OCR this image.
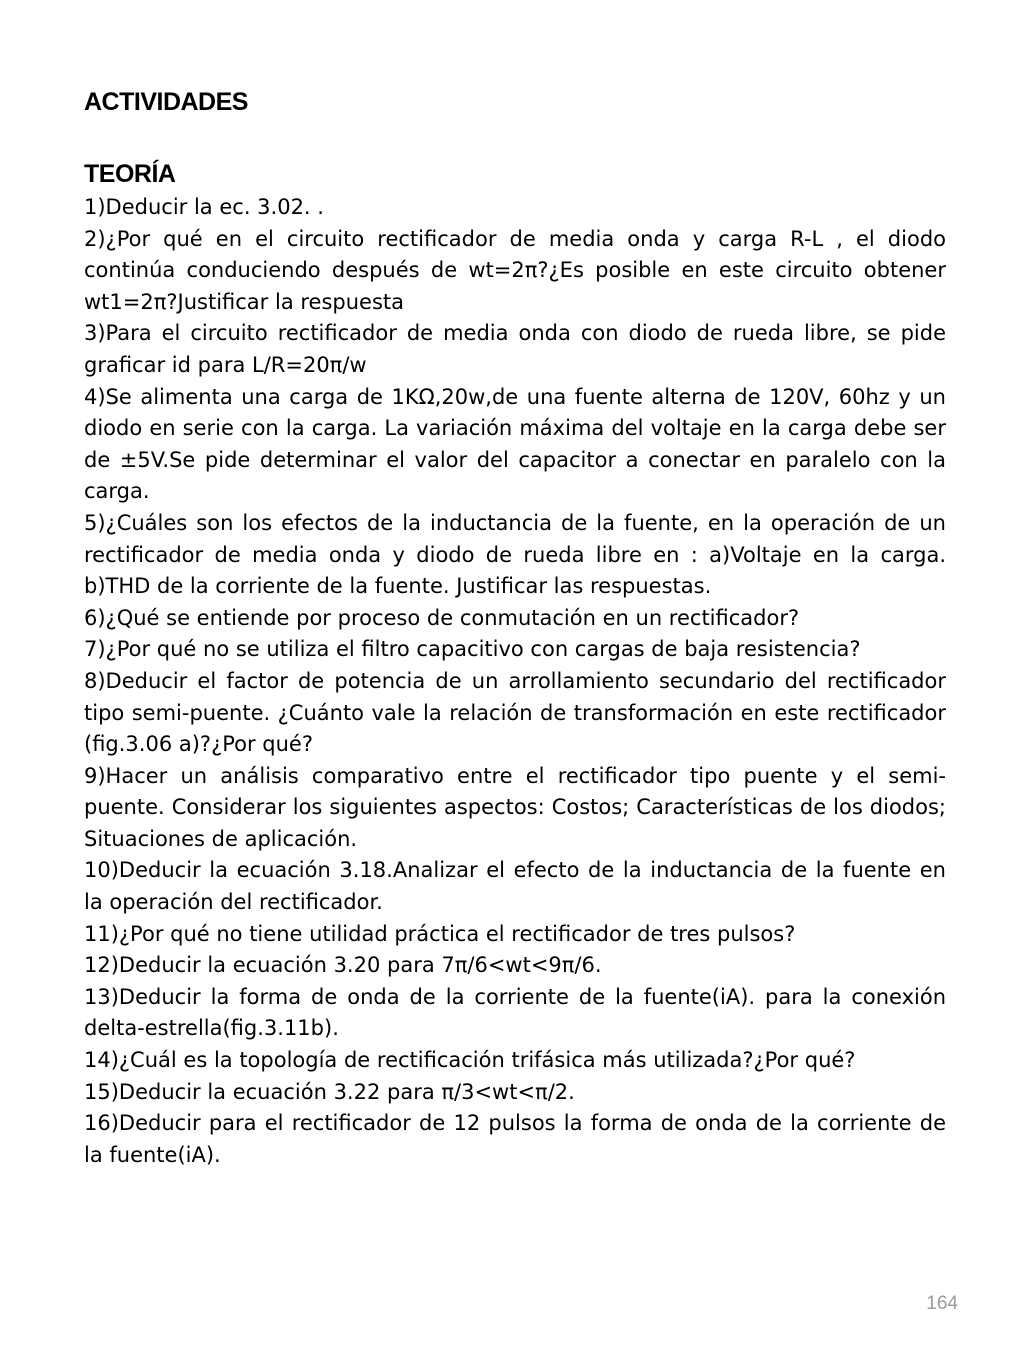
ACTIVIDADES
TEORÍA

1)Deducir la ec. 3.02. .

2)¿Por qué en el circuito rectificador de media onda y carga R-L , el diodo continúa conduciendo después de wt=2π?¿Es posible en este circuito obtener wt1=2π?Justificar la respuesta

3)Para el circuito rectificador de media onda con diodo de rueda libre, se pide graficar id para L/R=20π/w

4)Se alimenta una carga de 1KΩ,20w,de una fuente alterna de 120V, 60hz y un diodo en serie con la carga. La variación máxima del voltaje en la carga debe ser de ±5V.Se pide determinar el valor del capacitor a conectar en paralelo con la carga.

5)¿Cuáles son los efectos de la inductancia de la fuente, en la operación de un rectificador de media onda y diodo de rueda libre en : a)Voltaje en la carga. b)THD de la corriente de la fuente. Justificar las respuestas.

6)¿Qué se entiende por proceso de conmutación en un rectificador?

7)¿Por qué no se utiliza el filtro capacitivo con cargas de baja resistencia?

8)Deducir el factor de potencia de un arrollamiento secundario del rectificador tipo semi-puente. ¿Cuánto vale la relación de transformación en este rectificador (fig.3.06 a)?¿Por qué?

9)Hacer un análisis comparativo entre el rectificador tipo puente y el semi-puente. Considerar los siguientes aspectos: Costos; Características de los diodos; Situaciones de aplicación.

10)Deducir la ecuación 3.18.Analizar el efecto de la inductancia de la fuente en la operación del rectificador.

11)¿Por qué no tiene utilidad práctica el rectificador de tres pulsos?

12)Deducir la ecuación 3.20 para 7π/6<wt<9π/6.

13)Deducir la forma de onda de la corriente de la fuente(iA). para la conexión delta-estrella(fig.3.11b).

14)¿Cuál es la topología de rectificación trifásica más utilizada?¿Por qué?

15)Deducir la ecuación 3.22 para π/3<wt<π/2.

16)Deducir para el rectificador de 12 pulsos la forma de onda de la corriente de la fuente(iA).

164
